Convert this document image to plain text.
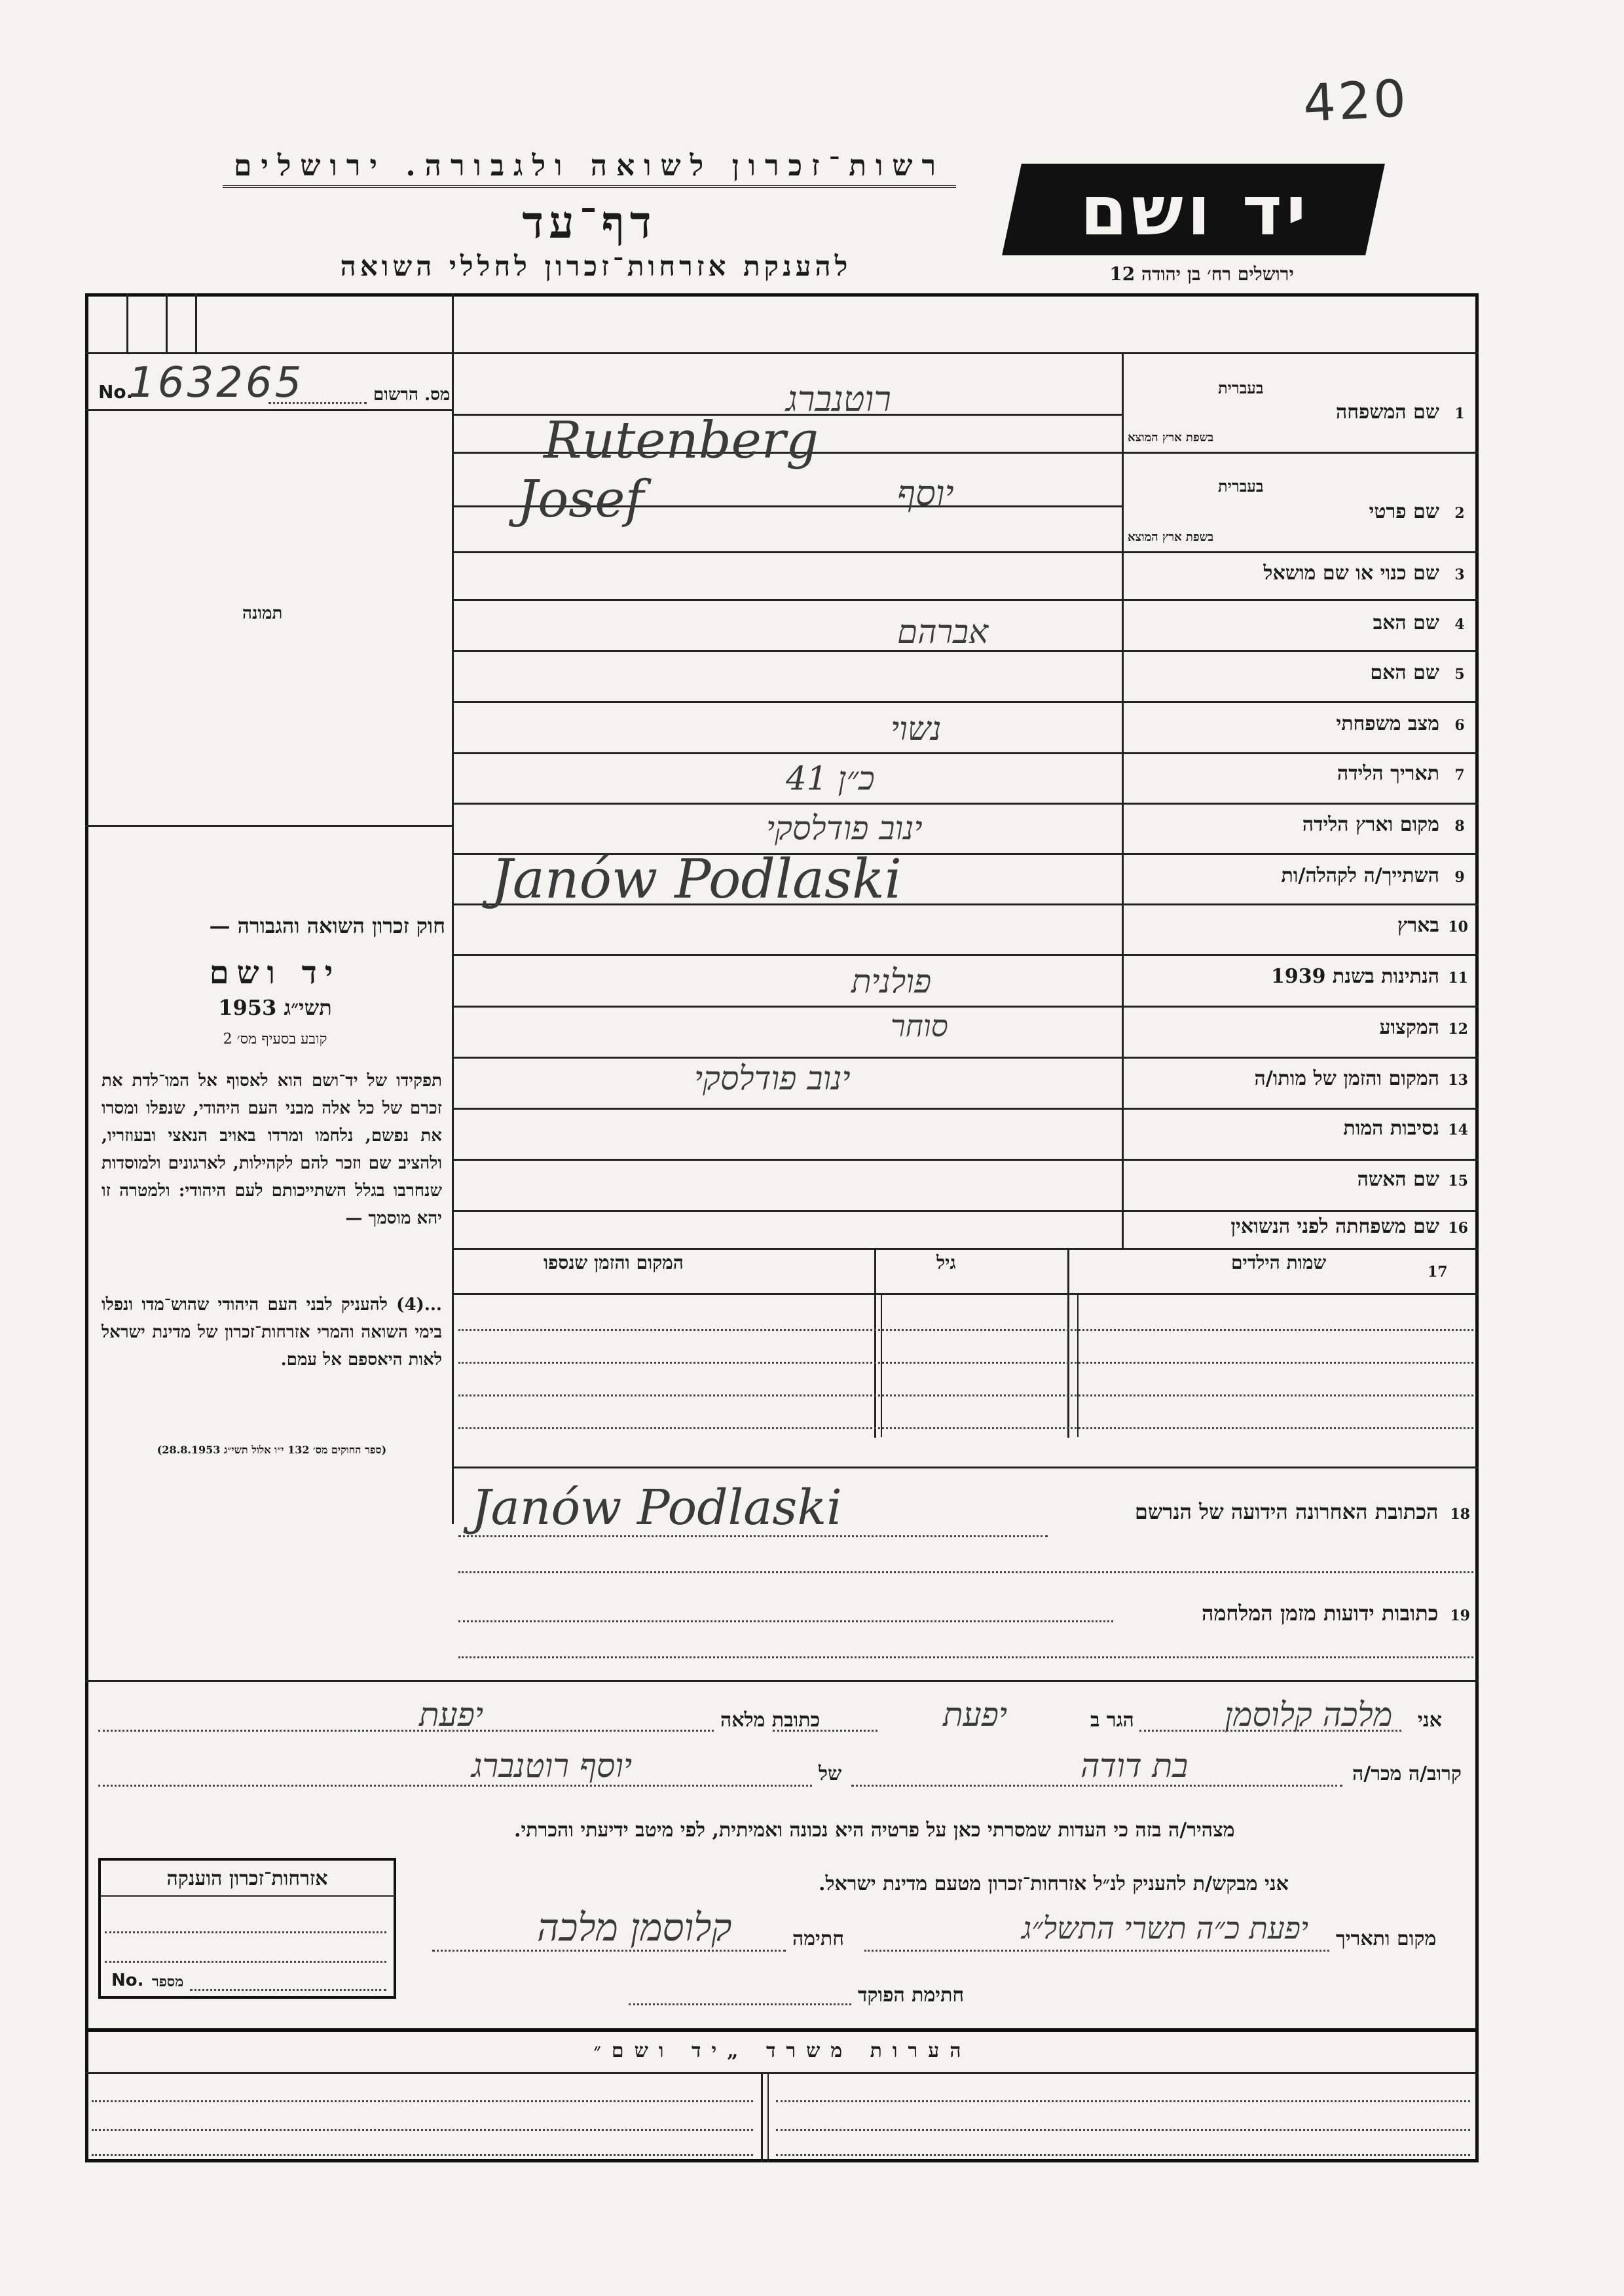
420
רשות־זכרון לשואה ולגבורה. ירושלים
דף־עד
להענקת אזרחות־זכרון לחללי השואה
יד ושם
ירושלים רח׳ בן יהודה 12
No.
163265	מס. הרשום
תמונה
חוק זכרון השואה והגבורה —
יד ושם
תשי״ג 1953
קובע בסעיף מס׳ 2
תפקידו של יד־ושם הוא לאסוף אל המו־לדת את זכרם של כל אלה מבני העם היהודי, שנפלו ומסרו את נפשם, נלחמו ומרדו באויב הנאצי ובעוזריו, ולהציב שם וזכר להם לקהילות, לארגונים ולמוסדות שנחרבו בגלל השתייכותם לעם היהודי: ולמטרה זו יהא מוסמך —
...(4) להעניק לבני העם היהודי שהוש־מדו ונפלו בימי השואה והמרי אזרחות־זכרון של מדינת ישראל לאות היאספם אל עמם.
(ספר החוקים מס׳ 132 י״ו אלול תשי״ג 28.8.1953)
1שם המשפחה
בעברית
בשפת ארץ המוצא
2שם פרטי
בעברית
בשפת ארץ המוצא
3שם כנוי או שם מושאל
4שם האב
5שם האם
6מצב משפחתי
7תאריך הלידה
8מקום וארץ הלידה
9השתייך/ה לקהלה/ות
10בארץ
11הנתינות בשנת 1939
12המקצוע
13המקום והזמן של מותו/ה
14נסיבות המות
15שם האשה
16שם משפחתה לפני הנשואין
רוטנברג
Rutenberg
יוסף
Josef
אברהם
נשוי
כ״ן 41
ינוב פודלסקי
Janów Podlaski
פולנית
סוחר
ינוב פודלסקי
17
שמות הילדים
גיל
המקום והזמן שנספו
18הכתובת האחרונה הידועה של הנרשם
Janów Podlaski
19כתובות ידועות מזמן המלחמה
אני
מלכה קלוסמן
הגר ב
יפעת
כתובת מלאה
יפעת
קרוב/ה מכר/ה
בת דודה
של
יוסף רוטנברג
מצהיר/ה בזה כי העדות שמסרתי כאן על פרטיה היא נכונה ואמיתית, לפי מיטב ידיעתי והכרתי.
אני מבקש/ת להעניק לנ״ל אזרחות־זכרון מטעם מדינת ישראל.
מקום ותאריך
יפעת כ״ה תשרי התשל״ג
חתימה
קלוסמן מלכה
חתימת הפוקד
אזרחות־זכרון הוענקה
No. מספר
הערות משרד „יד ושם״
